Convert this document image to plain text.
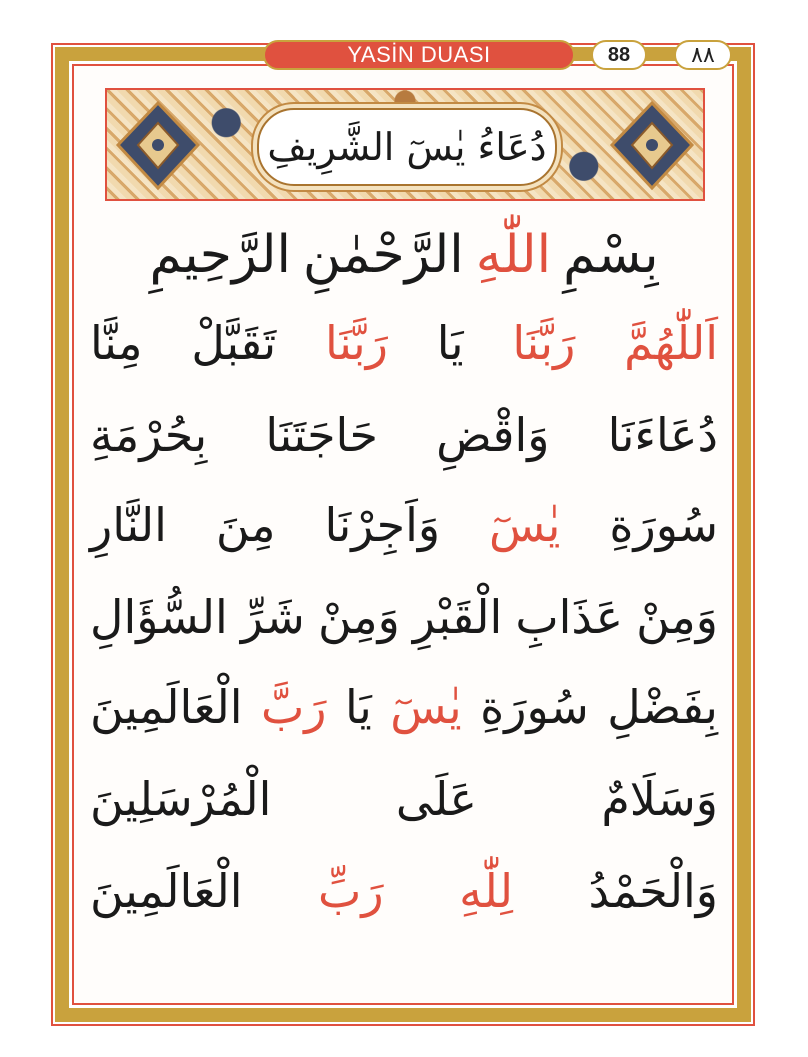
YASİN DUASI	88	٨٨
دُعَاءُ يٰسٓ الشَّرِيفِ
بِسْمِ
اللّٰهِ
الرَّحْمٰنِ
الرَّحِيمِ
اَللّٰهُمَّ
رَبَّنَا
يَا
رَبَّنَا
تَقَبَّلْ
مِنَّا
دُعَاءَنَا
وَاقْضِ
حَاجَتَنَا
بِحُرْمَةِ
سُورَةِ
يٰسٓ
وَاَجِرْنَا
مِنَ
النَّارِ
وَمِنْ
عَذَابِ
الْقَبْرِ
وَمِنْ
شَرِّ
السُّؤَالِ
بِفَضْلِ
سُورَةِ
يٰسٓ
يَا
رَبَّ
الْعَالَمِينَ
وَسَلَامٌ
عَلَى
الْمُرْسَلِينَ
وَالْحَمْدُ
لِلّٰهِ
رَبِّ
الْعَالَمِينَ
